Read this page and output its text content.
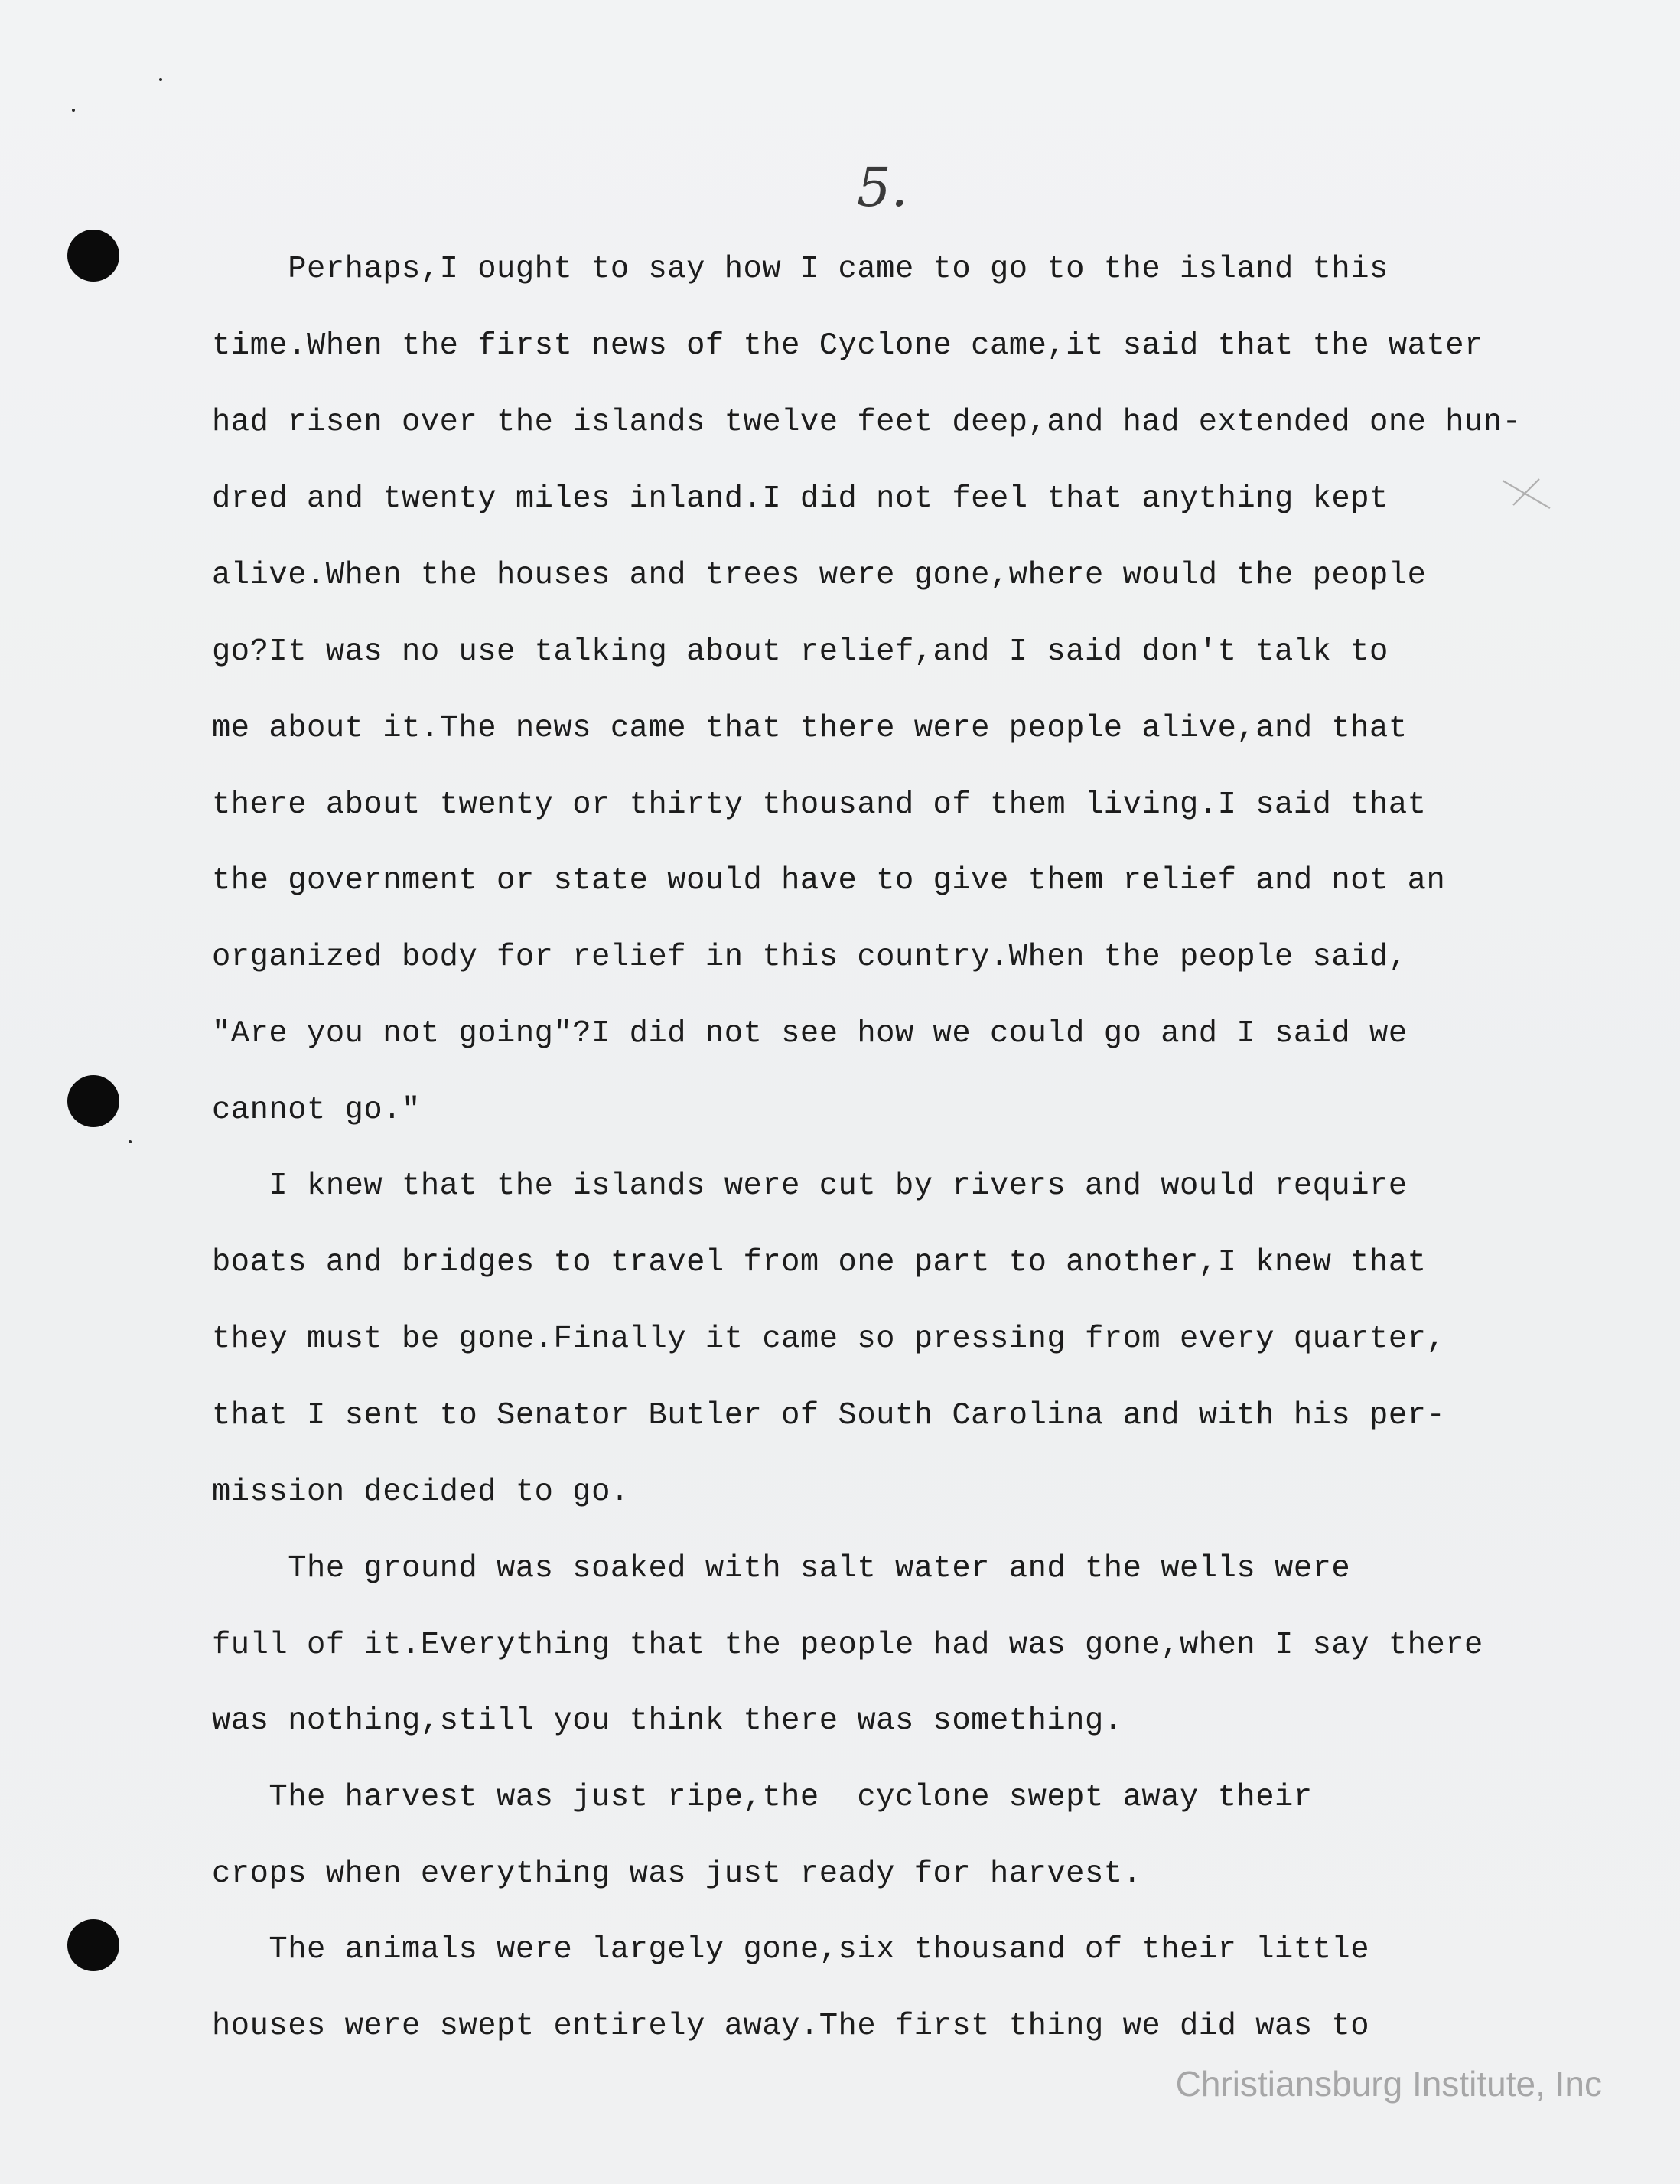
5.
Perhaps,I ought to say how I came to go to the island this
time.When the first news of the Cyclone came,it said that the water
had risen over the islands twelve feet deep,and had extended one hun-
dred and twenty miles inland.I did not feel that anything kept
alive.When the houses and trees were gone,where would the people
go?It was no use talking about relief,and I said don't talk to
me about it.The news came that there were people alive,and that
there about twenty or thirty thousand of them living.I said that
the government or state would have to give them relief and not an
organized body for relief in this country.When the people said,
"Are you not going"?I did not see how we could go and I said we
cannot go."
I knew that the islands were cut by rivers and would require
boats and bridges to travel from one part to another,I knew that
they must be gone.Finally it came so pressing from every quarter,
that I sent to Senator Butler of South Carolina and with his per-
mission decided to go.
The ground was soaked with salt water and the wells were
full of it.Everything that the people had was gone,when I say there
was nothing,still you think there was something.
The harvest was just ripe,the  cyclone swept away their
crops when everything was just ready for harvest.
The animals were largely gone,six thousand of their little
houses were swept entirely away.The first thing we did was to
Christiansburg Institute, Inc
